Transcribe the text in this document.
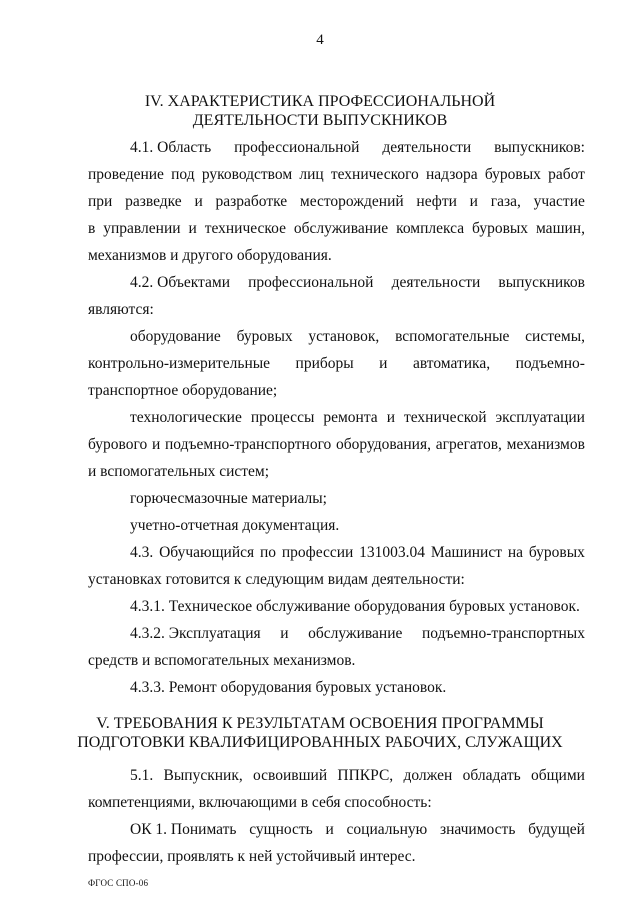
4
IV. ХАРАКТЕРИСТИКА ПРОФЕССИОНАЛЬНОЙ
ДЕЯТЕЛЬНОСТИ ВЫПУСКНИКОВ
4.1. Область профессиональной деятельности выпускников:
проведение под руководством лиц технического надзора буровых работ
при разведке и разработке месторождений нефти и газа, участие
в управлении и техническое обслуживание комплекса буровых машин,
механизмов и другого оборудования.
4.2. Объектами профессиональной деятельности выпускников
являются:
оборудование буровых установок, вспомогательные системы,
контрольно-измерительные приборы и автоматика, подъемно-
транспортное оборудование;
технологические процессы ремонта и технической эксплуатации
бурового и подъемно-транспортного оборудования, агрегатов, механизмов
и вспомогательных систем;
горючесмазочные материалы;
учетно-отчетная документация.
4.3. Обучающийся по профессии 131003.04 Машинист на буровых
установках готовится к следующим видам деятельности:
4.3.1. Техническое обслуживание оборудования буровых установок.
4.3.2. Эксплуатация и обслуживание подъемно-транспортных
средств и вспомогательных механизмов.
4.3.3. Ремонт оборудования буровых установок.
V. ТРЕБОВАНИЯ К РЕЗУЛЬТАТАМ ОСВОЕНИЯ ПРОГРАММЫ
ПОДГОТОВКИ КВАЛИФИЦИРОВАННЫХ РАБОЧИХ, СЛУЖАЩИХ
5.1. Выпускник, освоивший ППКРС, должен обладать общими
компетенциями, включающими в себя способность:
ОК 1. Понимать сущность и социальную значимость будущей
профессии, проявлять к ней устойчивый интерес.
ФГОС СПО-06
